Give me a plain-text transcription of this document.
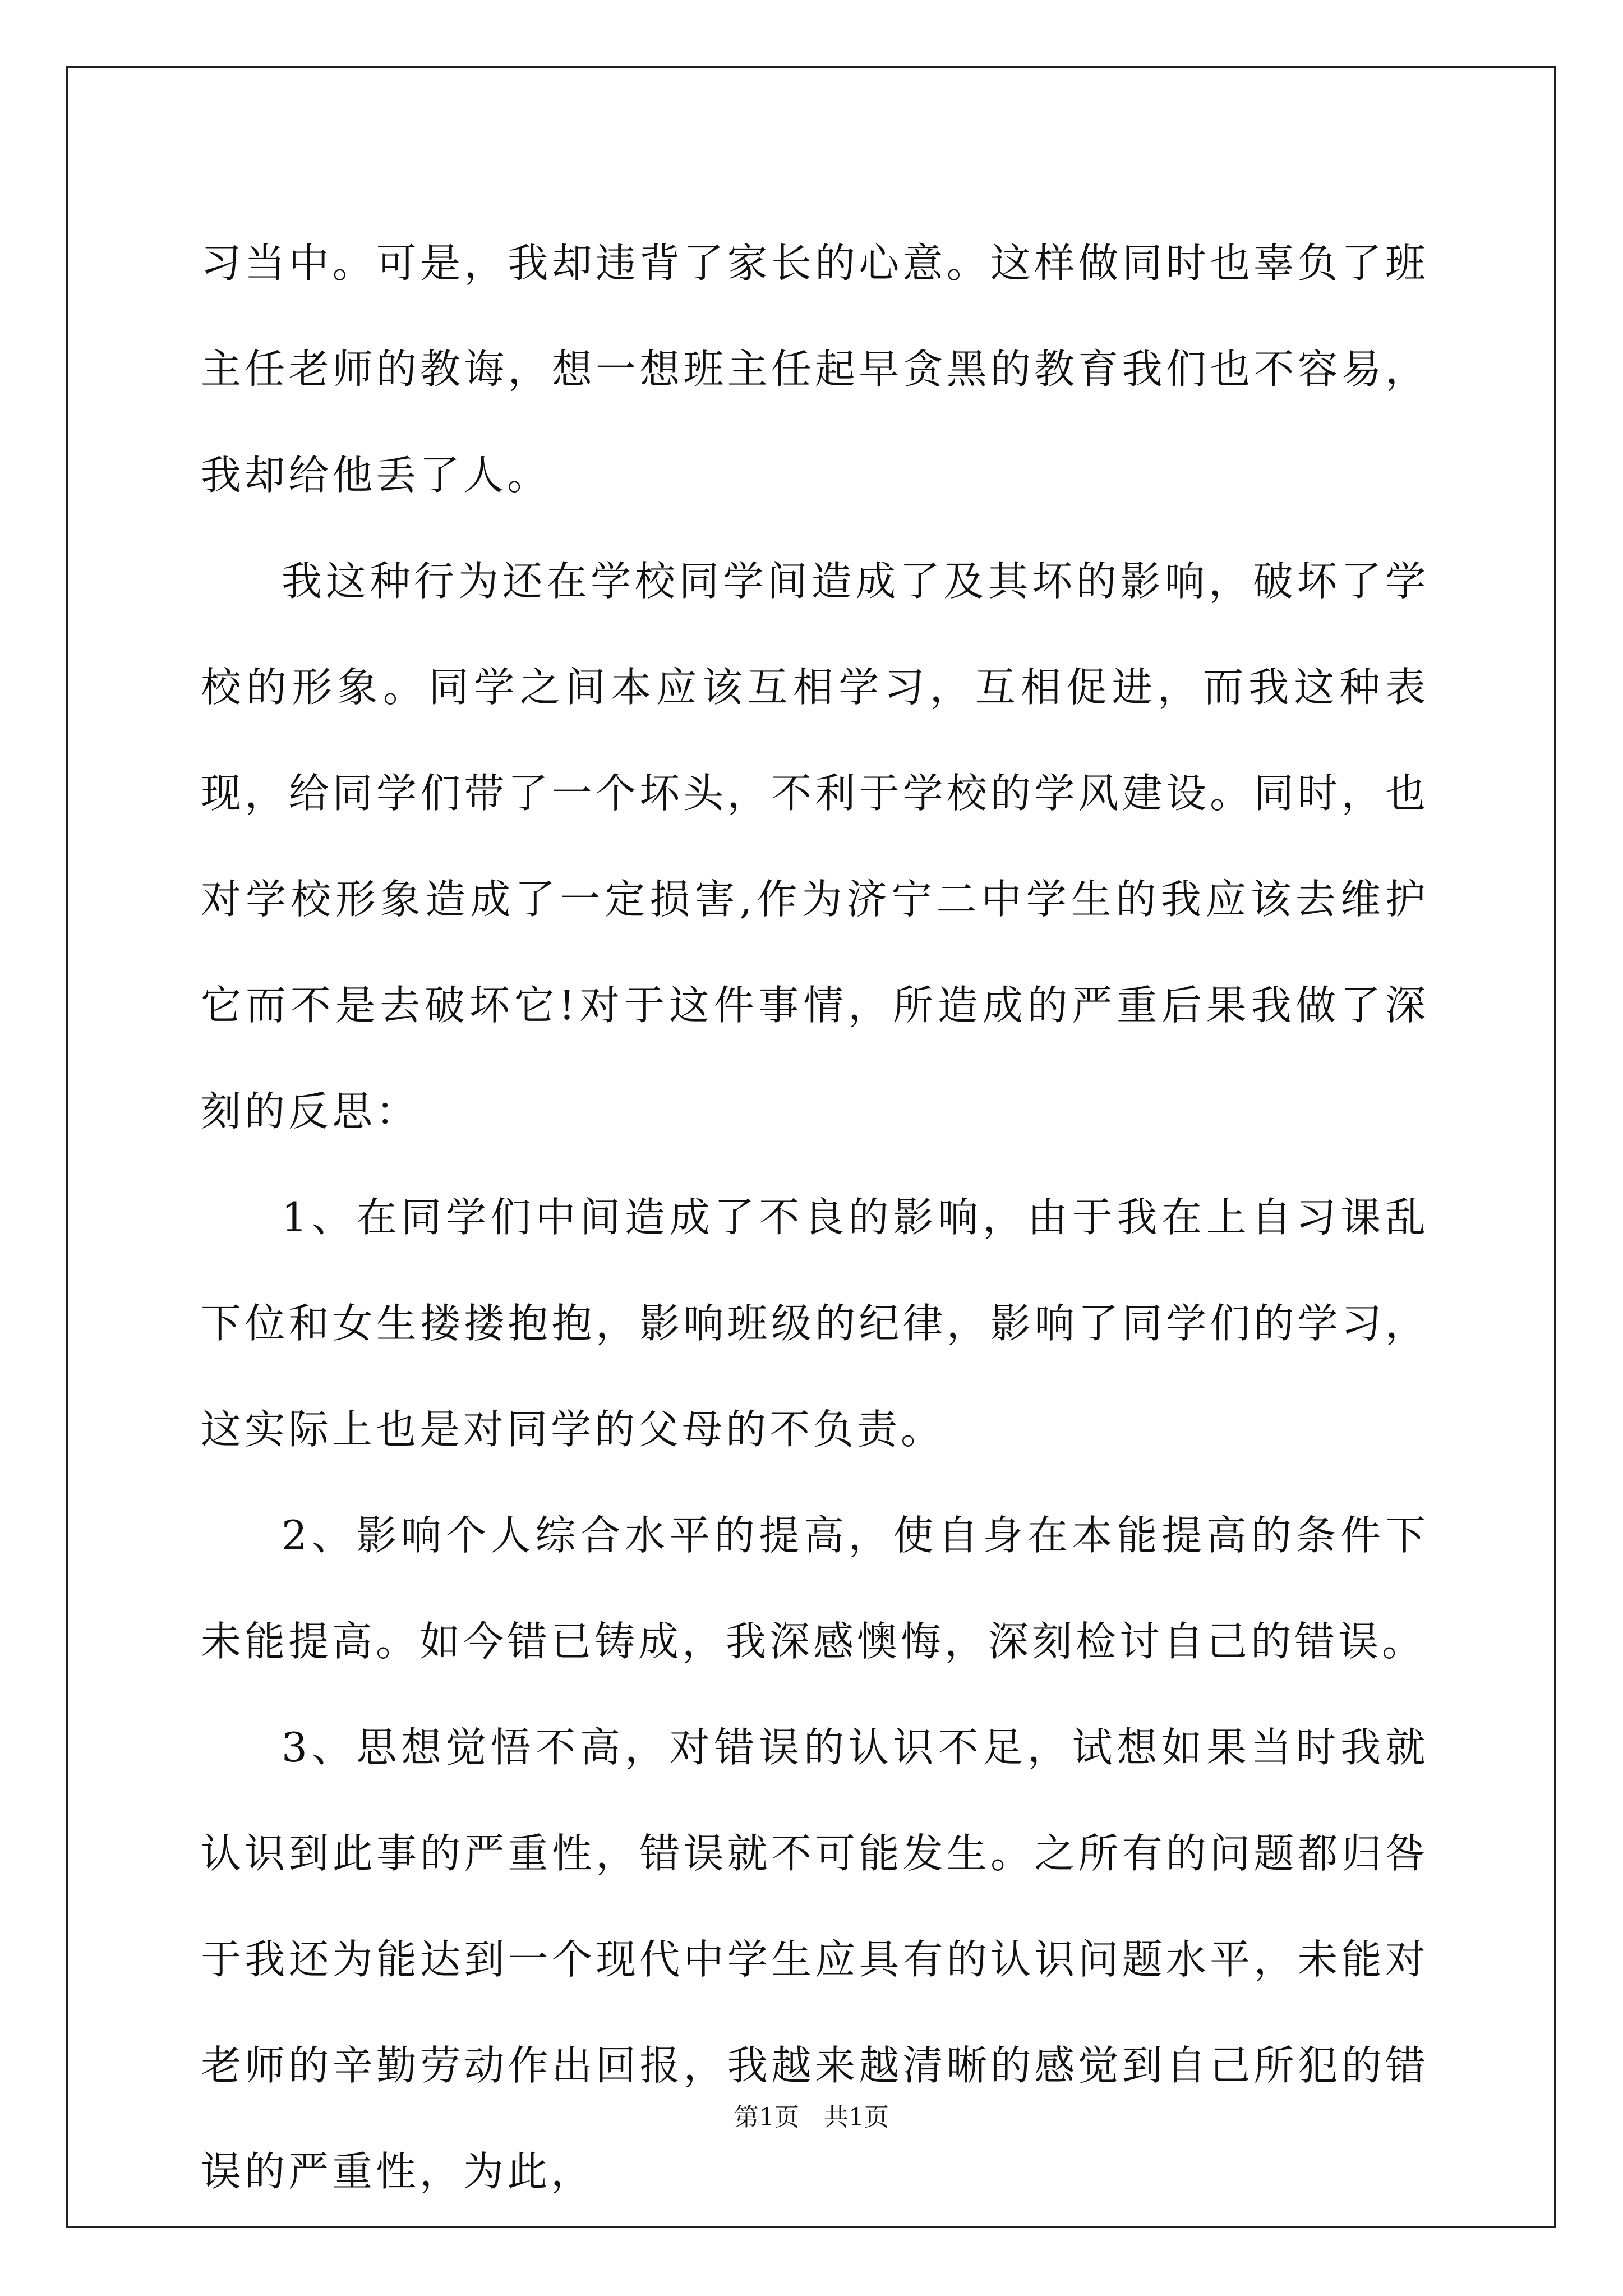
习当中。可是，我却违背了家长的心意。这样做同时也辜负了班主任老师的教诲，想一想班主任起早贪黑的教育我们也不容易，我却给他丢了人。

我这种行为还在学校同学间造成了及其坏的影响，破坏了学校的形象。同学之间本应该互相学习，互相促进，而我这种表现，给同学们带了一个坏头，不利于学校的学风建设。同时，也对学校形象造成了一定损害,作为济宁二中学生的我应该去维护它而不是去破坏它!对于这件事情，所造成的严重后果我做了深刻的反思：

1、在同学们中间造成了不良的影响，由于我在上自习课乱下位和女生搂搂抱抱，影响班级的纪律，影响了同学们的学习，这实际上也是对同学的父母的不负责。

2、影响个人综合水平的提高，使自身在本能提高的条件下未能提高。如今错已铸成，我深感懊悔，深刻检讨自己的错误。

3、思想觉悟不高，对错误的认识不足，试想如果当时我就认识到此事的严重性，错误就不可能发生。之所有的问题都归咎于我还为能达到一个现代中学生应具有的认识问题水平，未能对老师的辛勤劳动作出回报，我越来越清晰的感觉到自己所犯的错误的严重性，为此，

第1页　共1页
